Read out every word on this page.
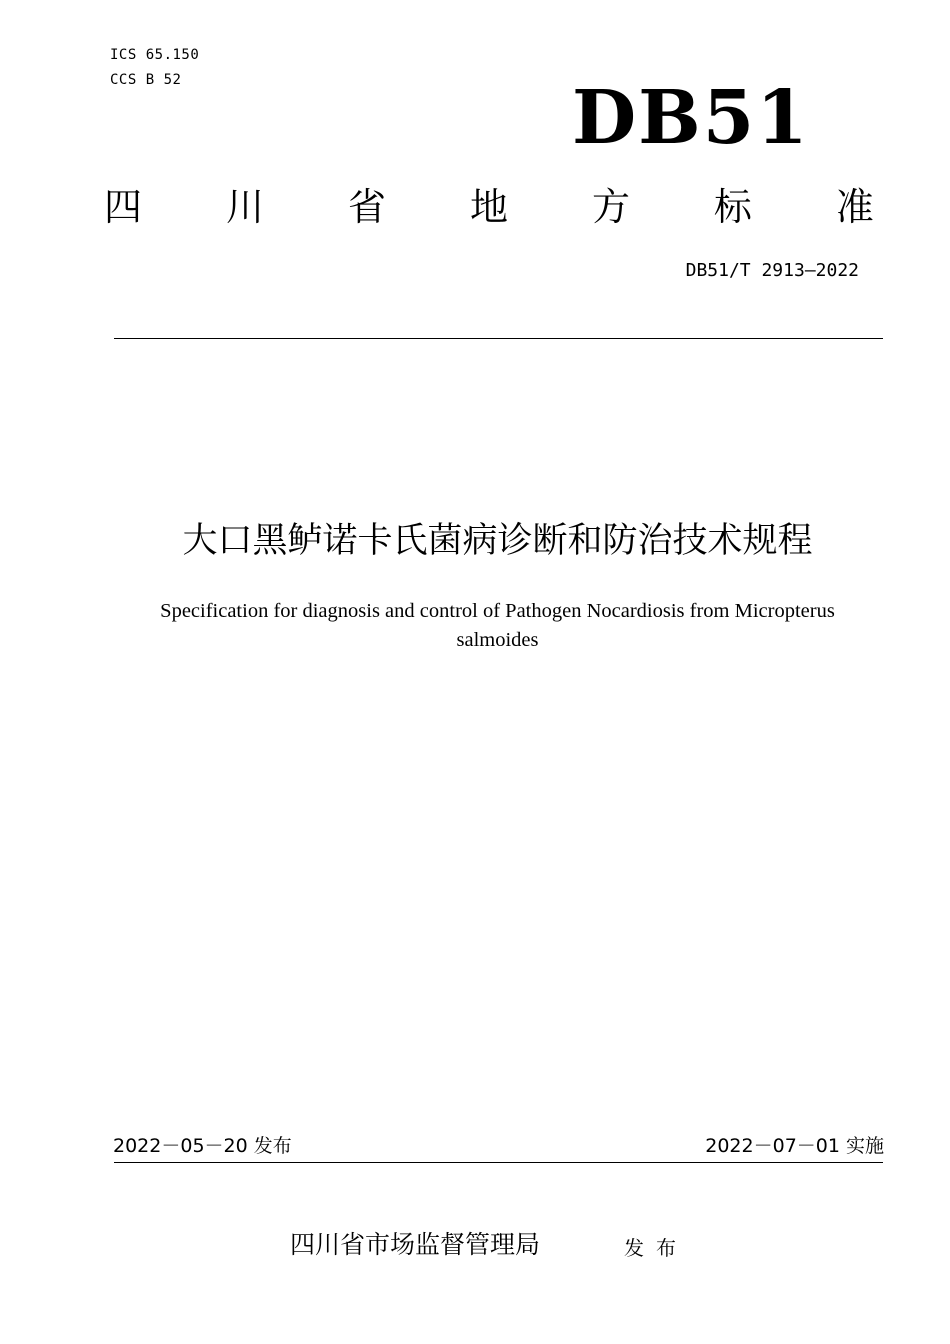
ICS 65.150
CCS B 52	DB51
四 川 省 地 方 标 准
DB51/T 2913—2022
大口黑鲈诺卡氏菌病诊断和防治技术规程
Specification for diagnosis and control of Pathogen Nocardiosis from Micropterus
salmoides
2022－05－20 发布	2022－07－01 实施
四川省市场监督管理局	发布
